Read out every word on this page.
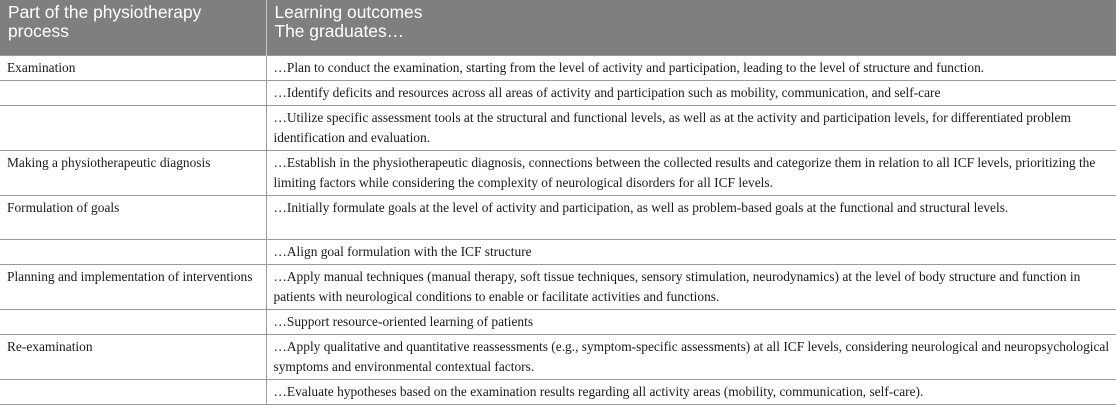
Part of the physiotherapy process	Learning outcomes
The graduates…

Examination	…Plan to conduct the examination, starting from the level of activity and participation, leading to the level of structure and function.
	…Identify deficits and resources across all areas of activity and participation such as mobility, communication, and self-care
	…Utilize specific assessment tools at the structural and functional levels, as well as at the activity and participation levels, for differentiated problem identification and evaluation.
Making a physiotherapeutic diagnosis	…Establish in the physiotherapeutic diagnosis, connections between the collected results and categorize them in relation to all ICF levels, prioritizing the limiting factors while considering the complexity of neurological disorders for all ICF levels.
Formulation of goals	…Initially formulate goals at the level of activity and participation, as well as problem-based goals at the functional and structural levels.
	…Align goal formulation with the ICF structure
Planning and implementation of interventions	…Apply manual techniques (manual therapy, soft tissue techniques, sensory stimulation, neurodynamics) at the level of body structure and function in patients with neurological conditions to enable or facilitate activities and functions.
	…Support resource-oriented learning of patients
Re-examination	…Apply qualitative and quantitative reassessments (e.g., symptom-specific assessments) at all ICF levels, considering neurological and neuropsychological symptoms and environmental contextual factors.
	…Evaluate hypotheses based on the examination results regarding all activity areas (mobility, communication, self-care).
